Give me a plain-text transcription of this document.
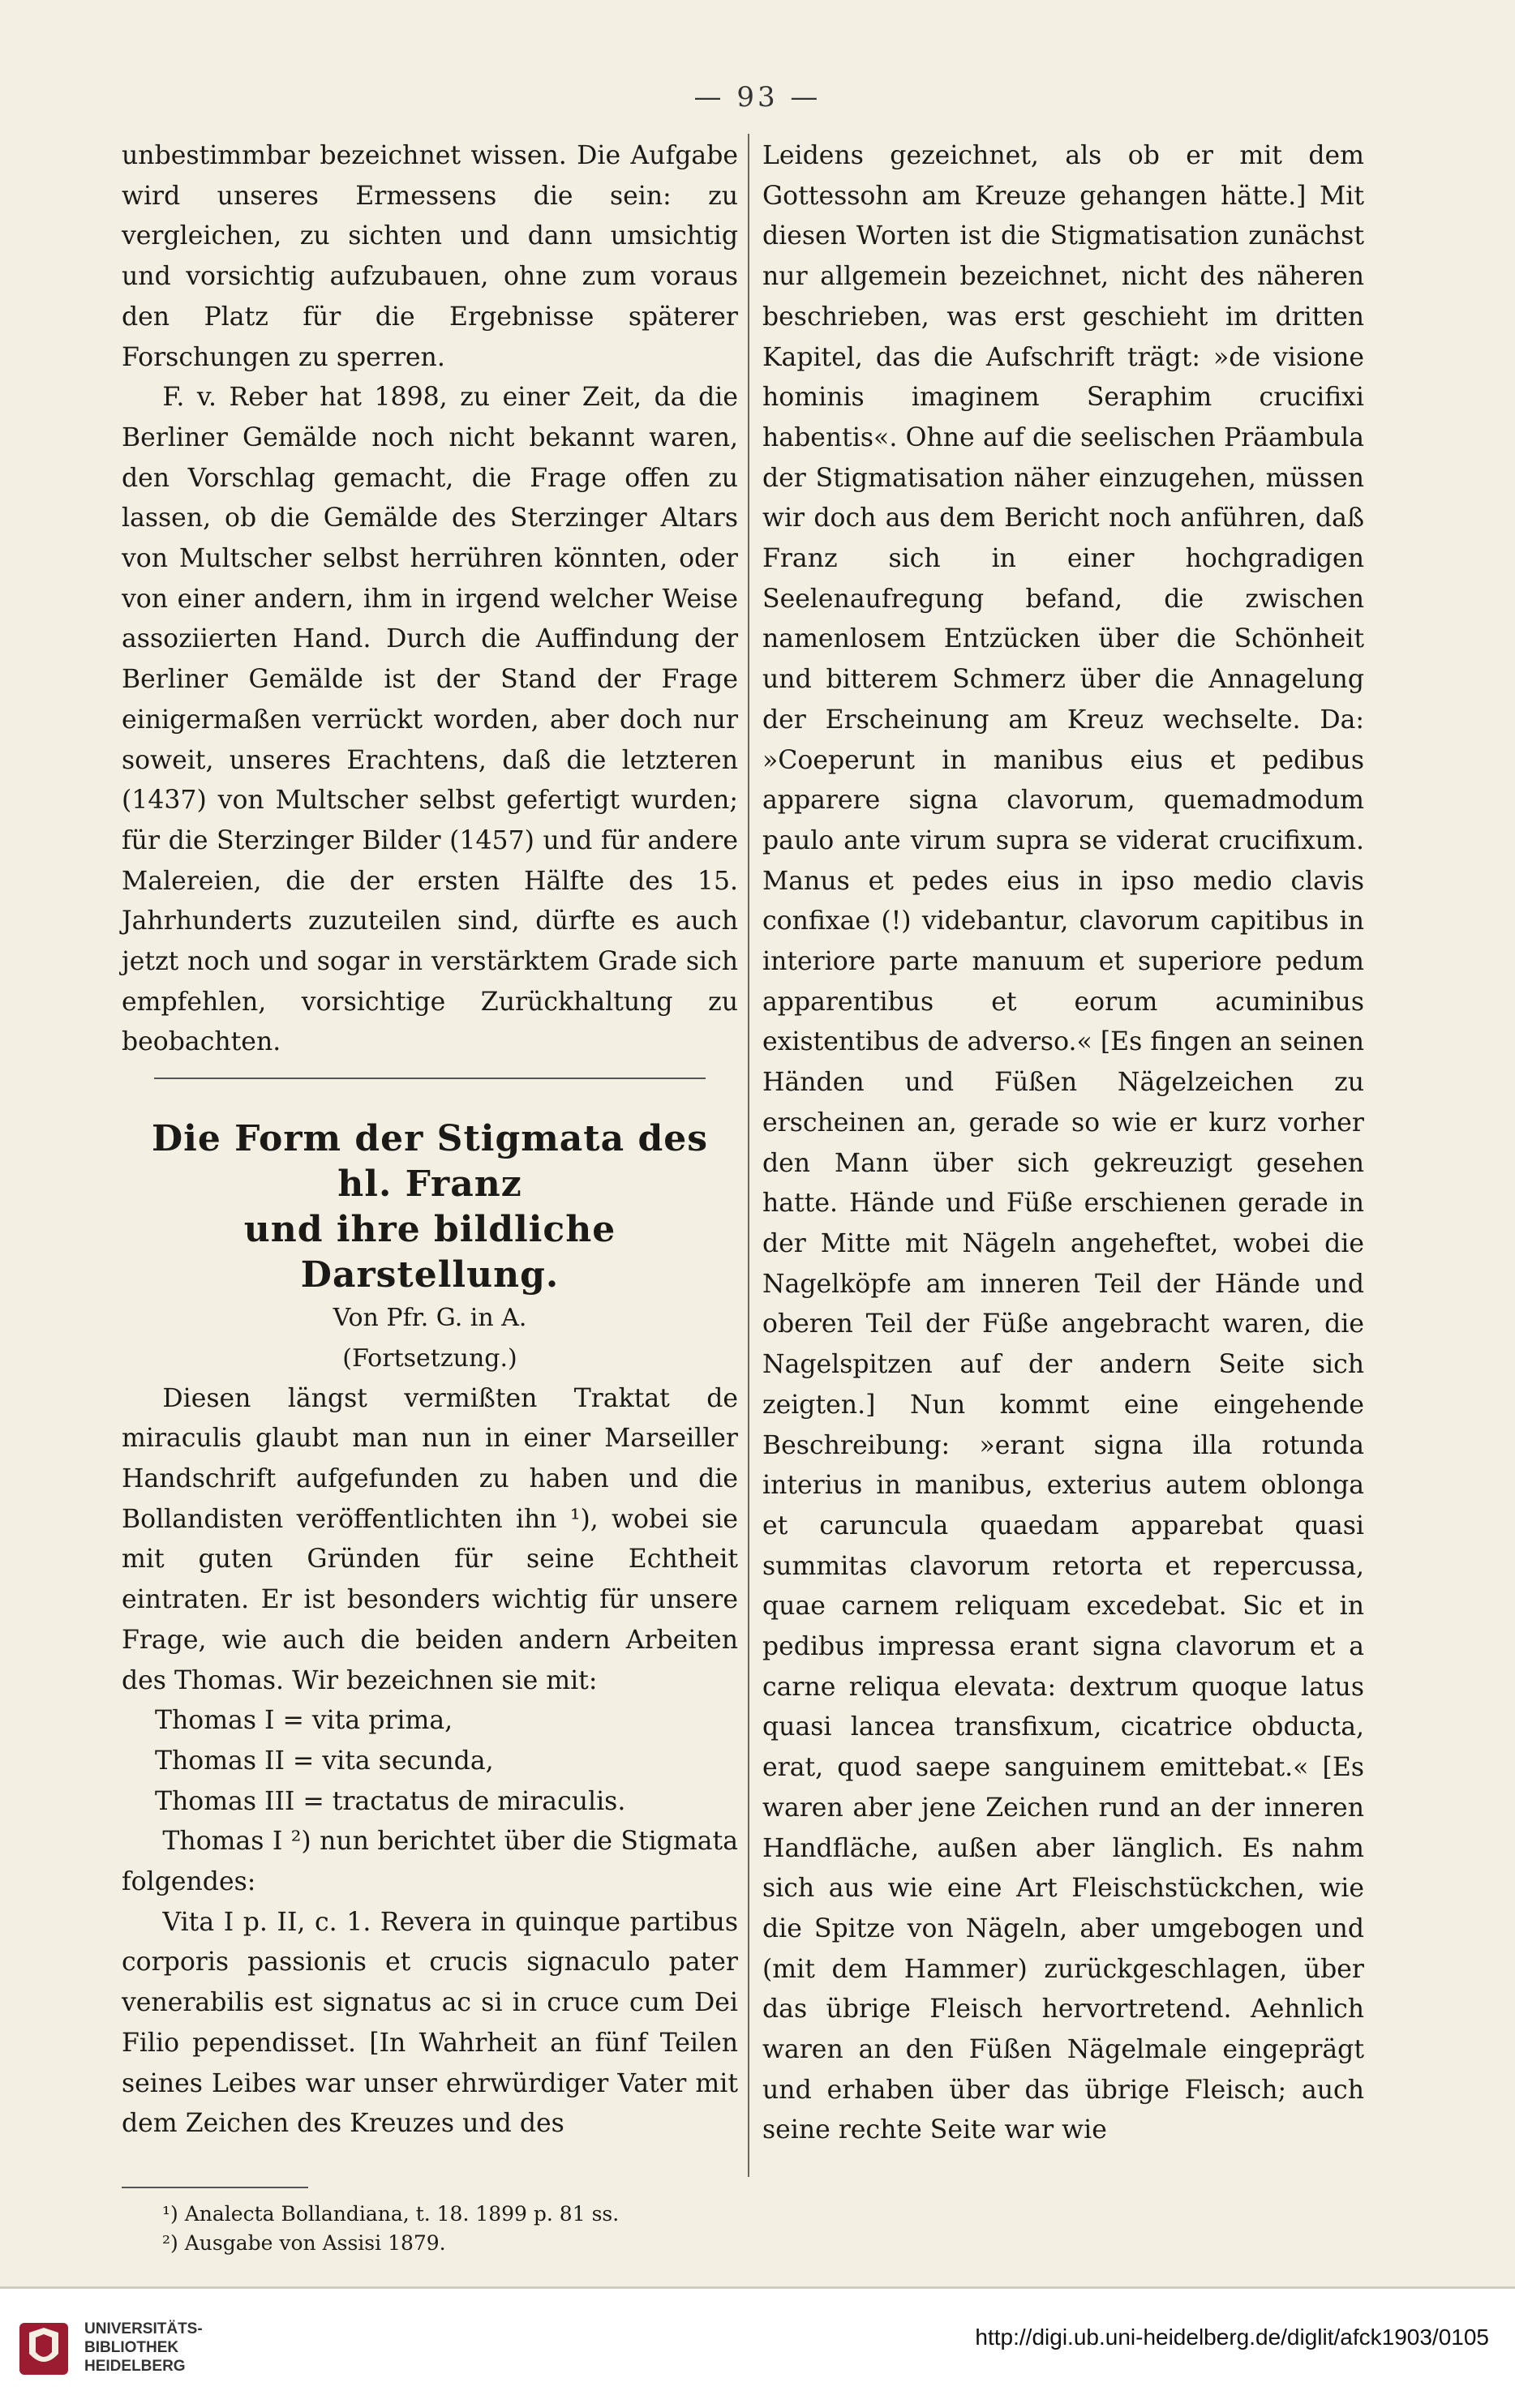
— 93 —

unbestimmbar bezeichnet wissen. Die Aufgabe wird unseres Ermessens die sein: zu vergleichen, zu sichten und dann umsichtig und vorsichtig aufzubauen, ohne zum voraus den Platz für die Ergebnisse späterer Forschungen zu sperren.

F. v. Reber hat 1898, zu einer Zeit, da die Berliner Gemälde noch nicht bekannt waren, den Vorschlag gemacht, die Frage offen zu lassen, ob die Gemälde des Sterzinger Altars von Multscher selbst herrühren könnten, oder von einer andern, ihm in irgend welcher Weise assoziierten Hand. Durch die Auffindung der Berliner Gemälde ist der Stand der Frage einigermaßen verrückt worden, aber doch nur soweit, unseres Erachtens, daß die letzteren (1437) von Multscher selbst gefertigt wurden; für die Sterzinger Bilder (1457) und für andere Malereien, die der ersten Hälfte des 15. Jahrhunderts zuzuteilen sind, dürfte es auch jetzt noch und sogar in verstärktem Grade sich empfehlen, vorsichtige Zurückhaltung zu beobachten.

Die Form der Stigmata des hl. Franz

und ihre bildliche Darstellung.

Von Pfr. G. in A.

(Fortsetzung.)

Diesen längst vermißten Traktat de miraculis glaubt man nun in einer Marseiller Handschrift aufgefunden zu haben und die Bollandisten veröffentlichten ihn ¹), wobei sie mit guten Gründen für seine Echtheit eintraten. Er ist besonders wichtig für unsere Frage, wie auch die beiden andern Arbeiten des Thomas. Wir bezeichnen sie mit:

Thomas I = vita prima,

Thomas II = vita secunda,

Thomas III = tractatus de miraculis.

Thomas I ²) nun berichtet über die Stigmata folgendes:

Vita I p. II, c. 1. Revera in quinque partibus corporis passionis et crucis signaculo pater venerabilis est signatus ac si in cruce cum Dei Filio pependisset. [In Wahrheit an fünf Teilen seines Leibes war unser ehrwürdiger Vater mit dem Zeichen des Kreuzes und des

¹) Analecta Bollandiana, t. 18. 1899 p. 81 ss.
²) Ausgabe von Assisi 1879.

Leidens gezeichnet, als ob er mit dem Gottessohn am Kreuze gehangen hätte.] Mit diesen Worten ist die Stigmatisation zunächst nur allgemein bezeichnet, nicht des näheren beschrieben, was erst geschieht im dritten Kapitel, das die Aufschrift trägt: »de visione hominis imaginem Seraphim crucifixi habentis«. Ohne auf die seelischen Präambula der Stigmatisation näher einzugehen, müssen wir doch aus dem Bericht noch anführen, daß Franz sich in einer hochgradigen Seelenaufregung befand, die zwischen namenlosem Entzücken über die Schönheit und bitterem Schmerz über die Annagelung der Erscheinung am Kreuz wechselte. Da: »Coeperunt in manibus eius et pedibus apparere signa clavorum, quemadmodum paulo ante virum supra se viderat crucifixum. Manus et pedes eius in ipso medio clavis confixae (!) videbantur, clavorum capitibus in interiore parte manuum et superiore pedum apparentibus et eorum acuminibus existentibus de adverso.« [Es fingen an seinen Händen und Füßen Nägelzeichen zu erscheinen an, gerade so wie er kurz vorher den Mann über sich gekreuzigt gesehen hatte. Hände und Füße erschienen gerade in der Mitte mit Nägeln angeheftet, wobei die Nagelköpfe am inneren Teil der Hände und oberen Teil der Füße angebracht waren, die Nagelspitzen auf der andern Seite sich zeigten.] Nun kommt eine eingehende Beschreibung: »erant signa illa rotunda interius in manibus, exterius autem oblonga et caruncula quaedam apparebat quasi summitas clavorum retorta et repercussa, quae carnem reliquam excedebat. Sic et in pedibus impressa erant signa clavorum et a carne reliqua elevata: dextrum quoque latus quasi lancea transfixum, cicatrice obducta, erat, quod saepe sanguinem emittebat.« [Es waren aber jene Zeichen rund an der inneren Handfläche, außen aber länglich. Es nahm sich aus wie eine Art Fleischstückchen, wie die Spitze von Nägeln, aber umgebogen und (mit dem Hammer) zurückgeschlagen, über das übrige Fleisch hervortretend. Aehnlich waren an den Füßen Nägelmale eingeprägt und erhaben über das übrige Fleisch; auch seine rechte Seite war wie

UNIVERSITÄTS-
BIBLIOTHEK
HEIDELBERG
http://digi.ub.uni-heidelberg.de/diglit/afck1903/0105
